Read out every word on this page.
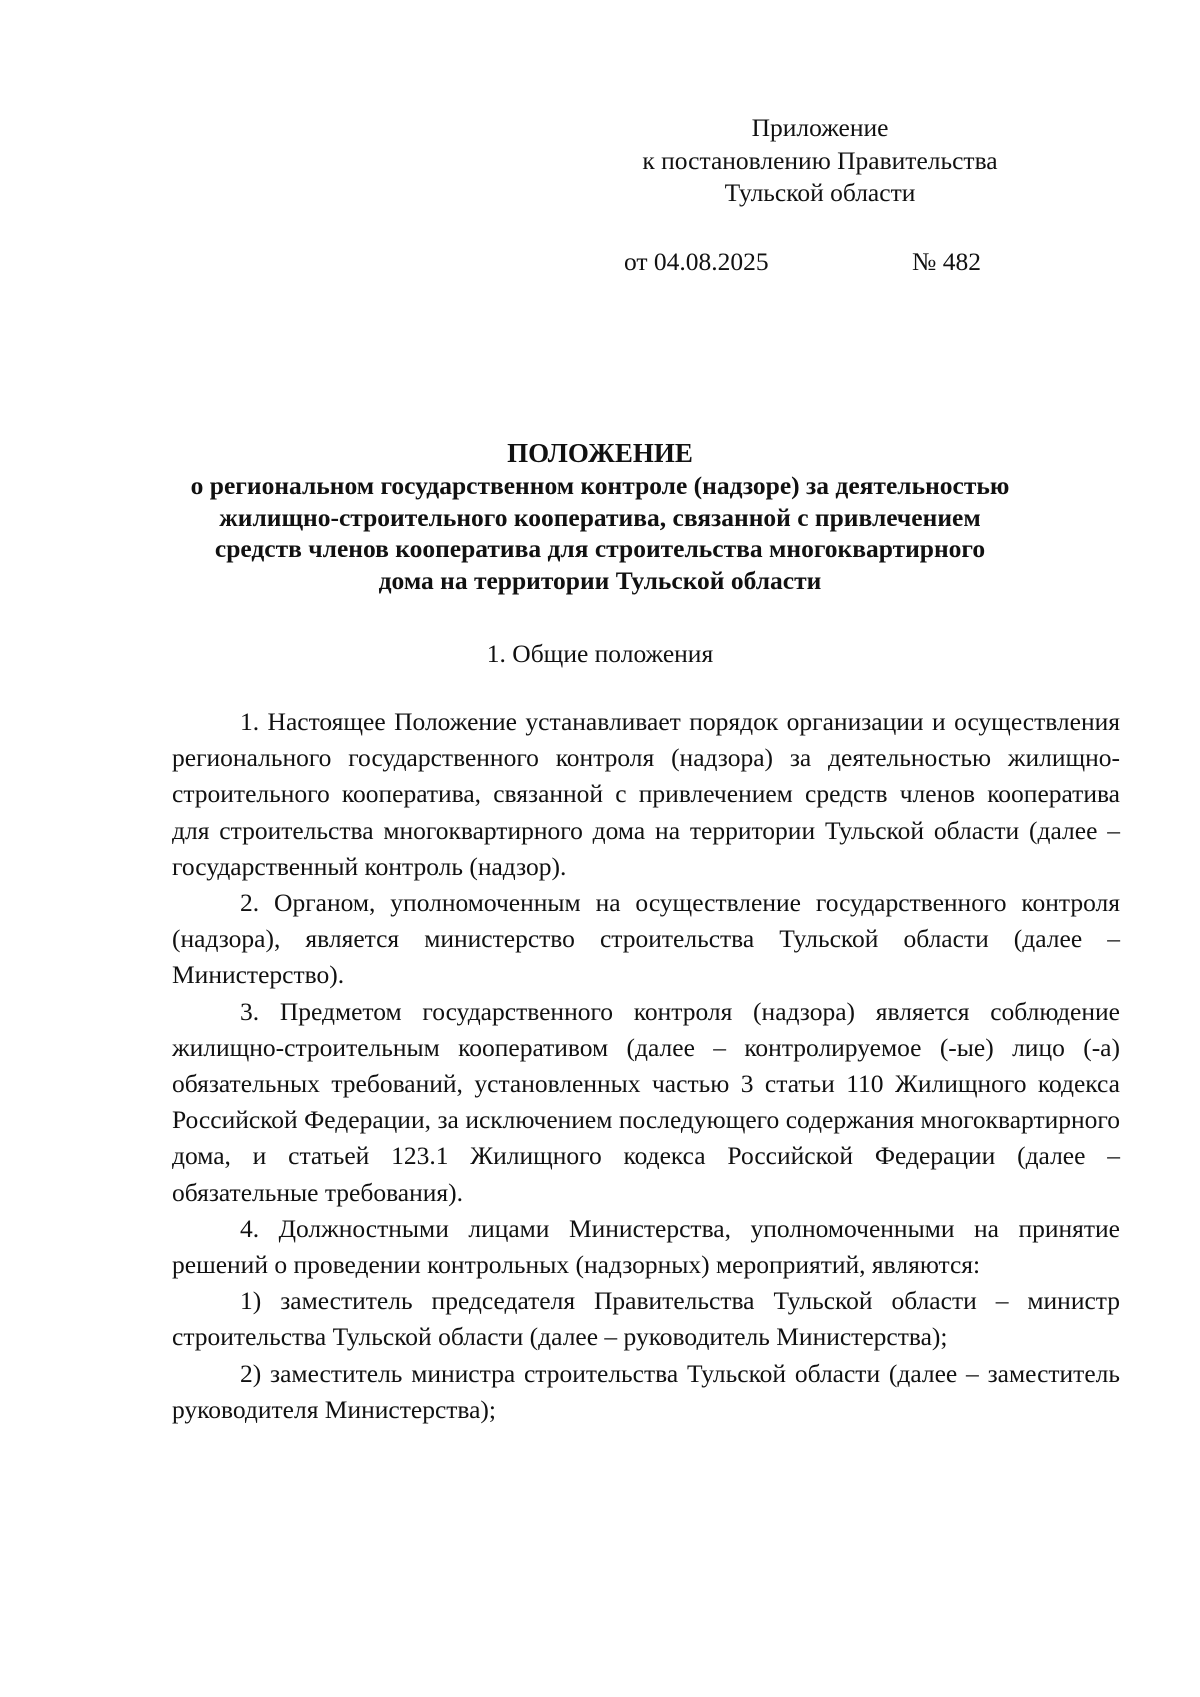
Приложение
к постановлению Правительства
Тульской области
от 04.08.2025	№ 482
ПОЛОЖЕНИЕ
о региональном государственном контроле (надзоре) за деятельностью
жилищно-строительного кооператива, связанной с привлечением
средств членов кооператива для строительства многоквартирного
дома на территории Тульской области
1. Общие положения

1. Настоящее Положение устанавливает порядок организации и осуществления регионального государственного контроля (надзора) за деятельностью жилищно-строительного кооператива, связанной с привлечением средств членов кооператива для строительства многоквартирного дома на территории Тульской области (далее – государственный контроль (надзор).

2. Органом, уполномоченным на осуществление государственного контроля (надзора), является министерство строительства Тульской области (далее – Министерство).

3. Предметом государственного контроля (надзора) является соблюдение жилищно-строительным кооперативом (далее – контролируемое (-ые) лицо (-а) обязательных требований, установленных частью 3 статьи 110 Жилищного кодекса Российской Федерации, за исключением последующего содержания многоквартирного дома, и статьей 123.1 Жилищного кодекса Российской Федерации (далее – обязательные требования).

4. Должностными лицами Министерства, уполномоченными на принятие решений о проведении контрольных (надзорных) мероприятий, являются:

1) заместитель председателя Правительства Тульской области – министр строительства Тульской области (далее – руководитель Министерства);

2) заместитель министра строительства Тульской области (далее – заместитель руководителя Министерства);
